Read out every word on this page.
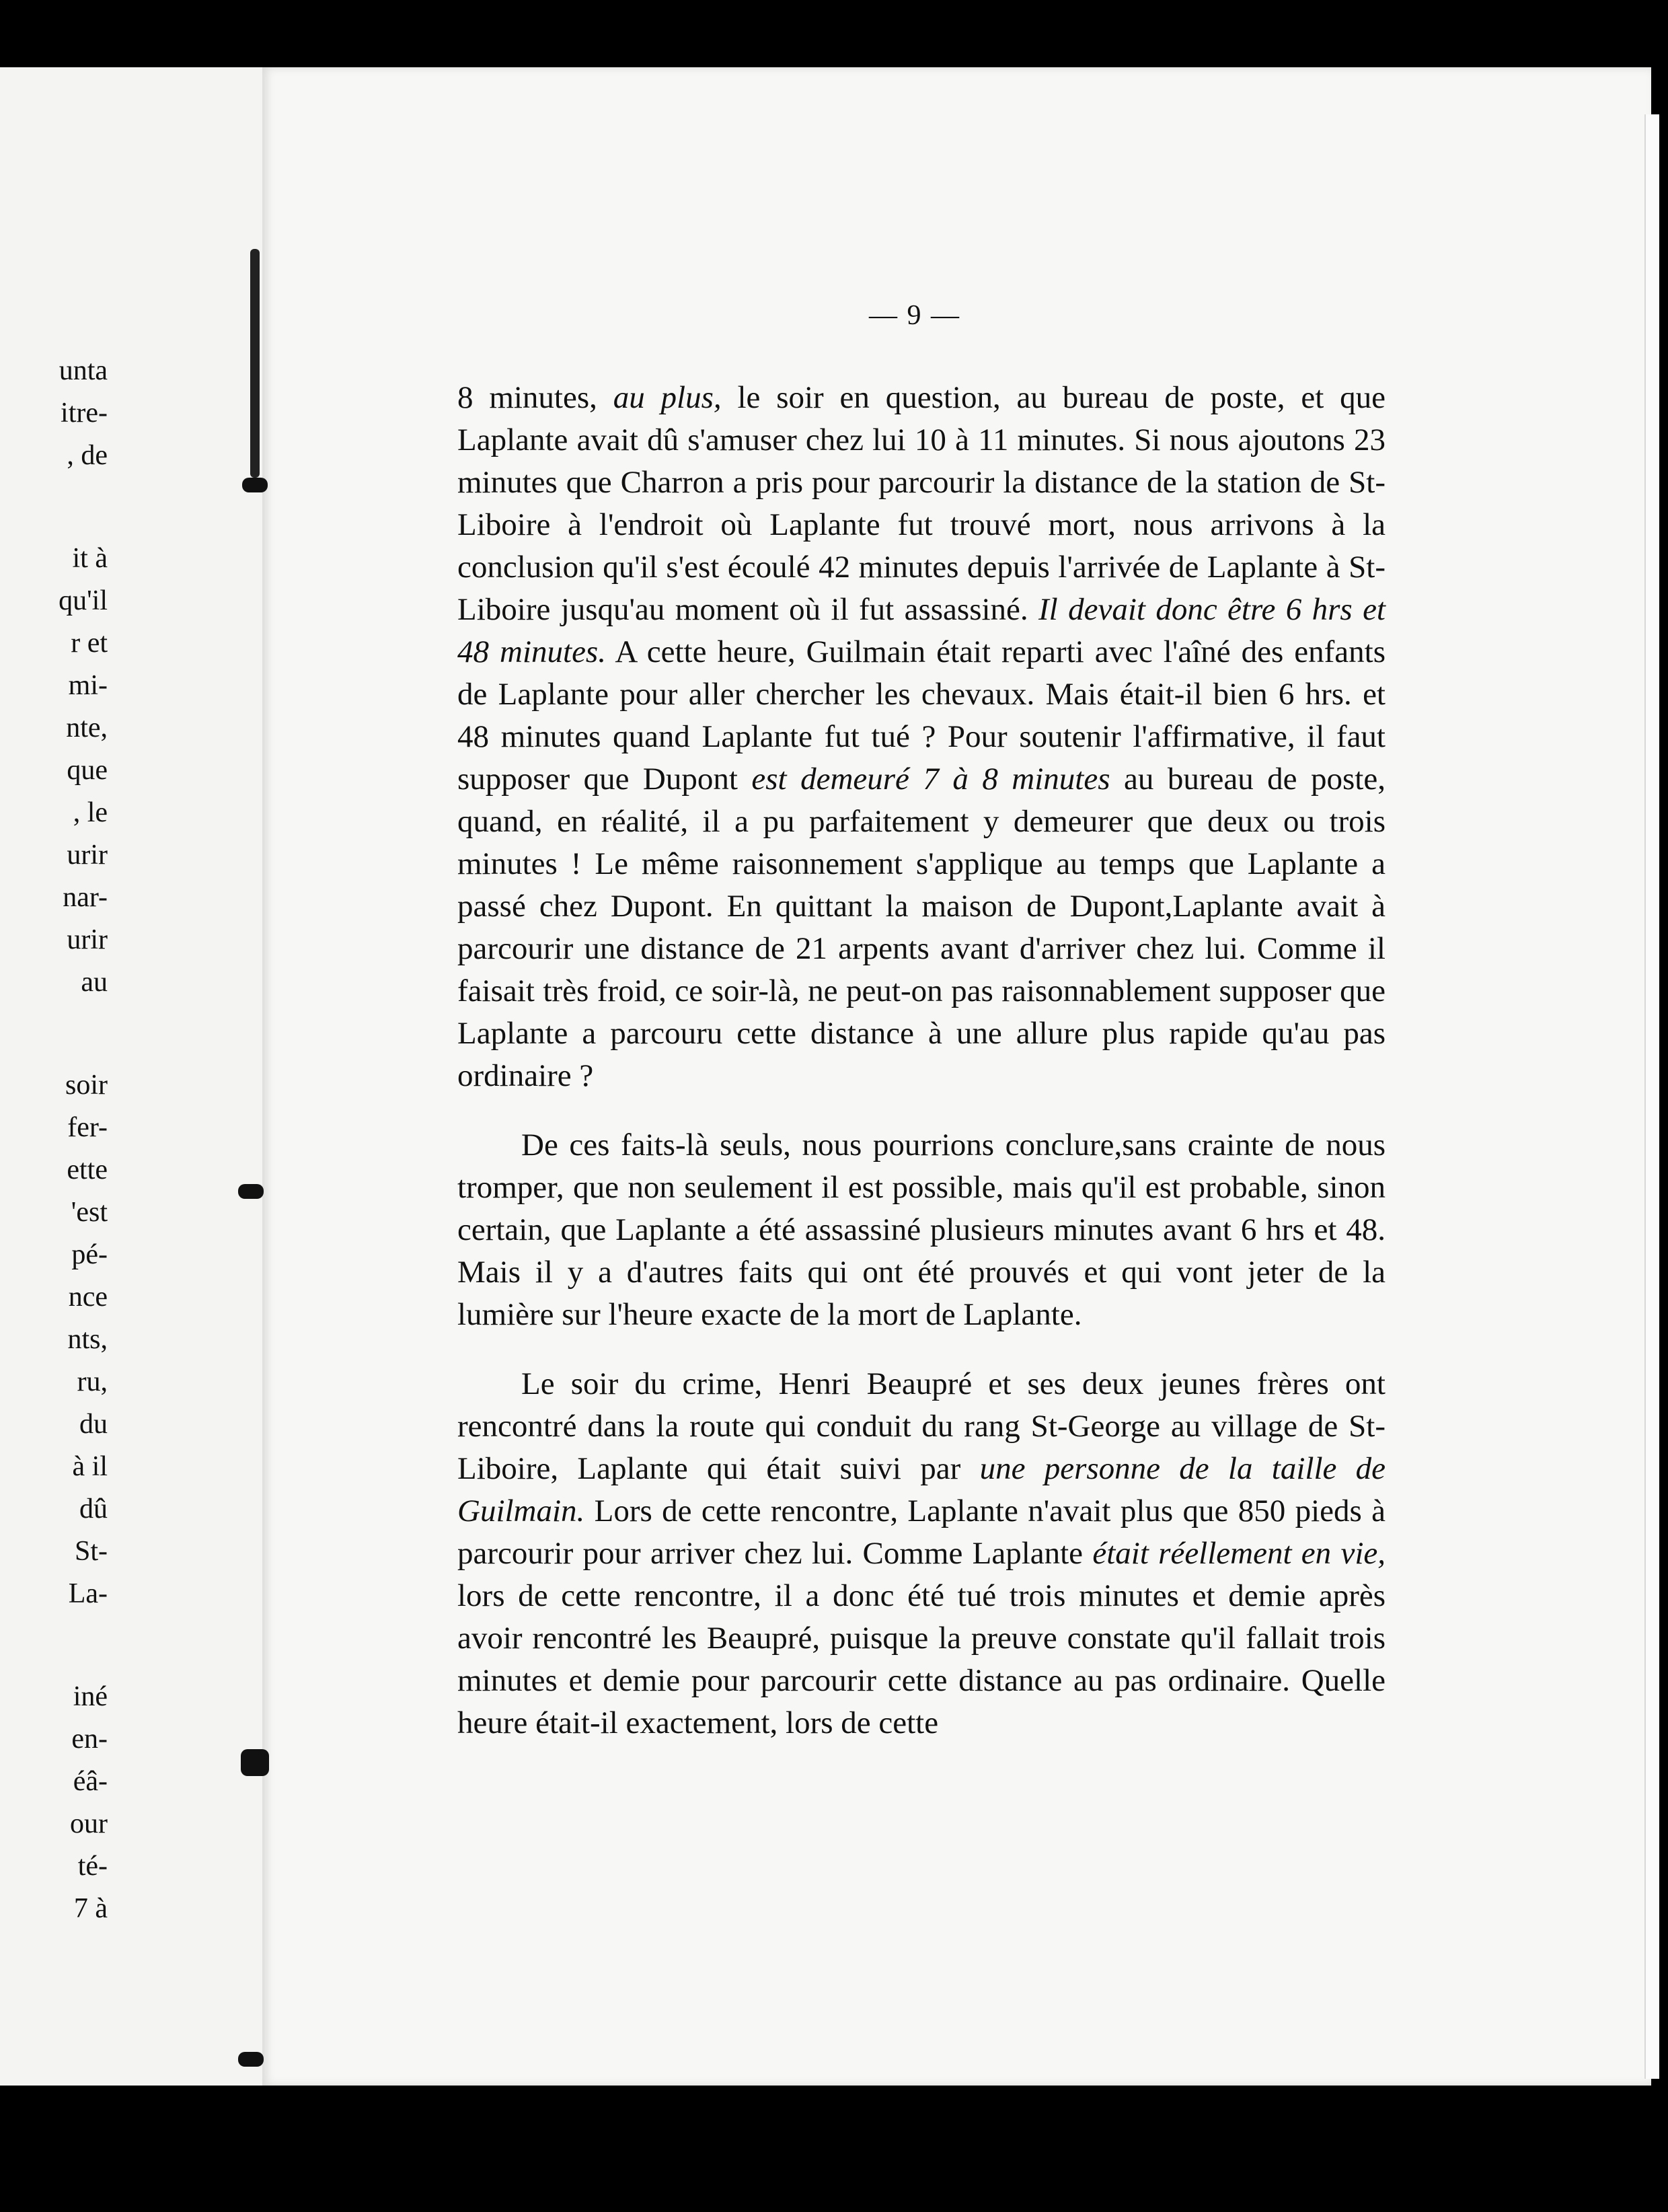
unta
itre-
, de
it à
qu'il
r et
mi-
nte,
que
, le
urir
nar-
urir
au
soir
fer-
ette
'est
pé-
nce
nts,
ru,
du
à il
dû
St-
La-
iné
en-
éâ-
our
té-
7 à
— 9 —

8 minutes, au plus, le soir en question, au bureau de poste, et que Laplante avait dû s'amuser chez lui 10 à 11 minutes. Si nous ajoutons 23 minutes que Charron a pris pour parcourir la distance de la station de St-Liboire à l'endroit où Laplante fut trouvé mort, nous arrivons à la conclusion qu'il s'est écoulé 42 minutes depuis l'arrivée de Laplante à St-Liboire jusqu'au moment où il fut assassiné. Il devait donc être 6 hrs et 48 minutes. A cette heure, Guilmain était reparti avec l'aîné des enfants de Laplante pour aller chercher les chevaux. Mais était-il bien 6 hrs. et 48 minutes quand Laplante fut tué ? Pour soutenir l'affirmative, il faut supposer que Dupont est demeuré 7 à 8 minutes au bureau de poste, quand, en réalité, il a pu parfaitement y demeurer que deux ou trois minutes ! Le même raisonnement s'applique au temps que Laplante a passé chez Dupont. En quittant la maison de Dupont,Laplante avait à parcourir une distance de 21 arpents avant d'arriver chez lui. Comme il faisait très froid, ce soir-là, ne peut-on pas raisonnablement supposer que Laplante a parcouru cette distance à une allure plus rapide qu'au pas ordinaire ?

De ces faits-là seuls, nous pourrions conclure,sans crainte de nous tromper, que non seulement il est possible, mais qu'il est probable, sinon certain, que Laplante a été assassiné plusieurs minutes avant 6 hrs et 48. Mais il y a d'autres faits qui ont été prouvés et qui vont jeter de la lumière sur l'heure exacte de la mort de Laplante.

Le soir du crime, Henri Beaupré et ses deux jeunes frères ont rencontré dans la route qui conduit du rang St-George au village de St-Liboire, Laplante qui était suivi par une personne de la taille de Guilmain. Lors de cette rencontre, Laplante n'avait plus que 850 pieds à parcourir pour arriver chez lui. Comme Laplante était réellement en vie, lors de cette rencontre, il a donc été tué trois minutes et demie après avoir rencontré les Beaupré, puisque la preuve constate qu'il fallait trois minutes et demie pour parcourir cette distance au pas ordinaire. Quelle heure était-il exactement, lors de cette
